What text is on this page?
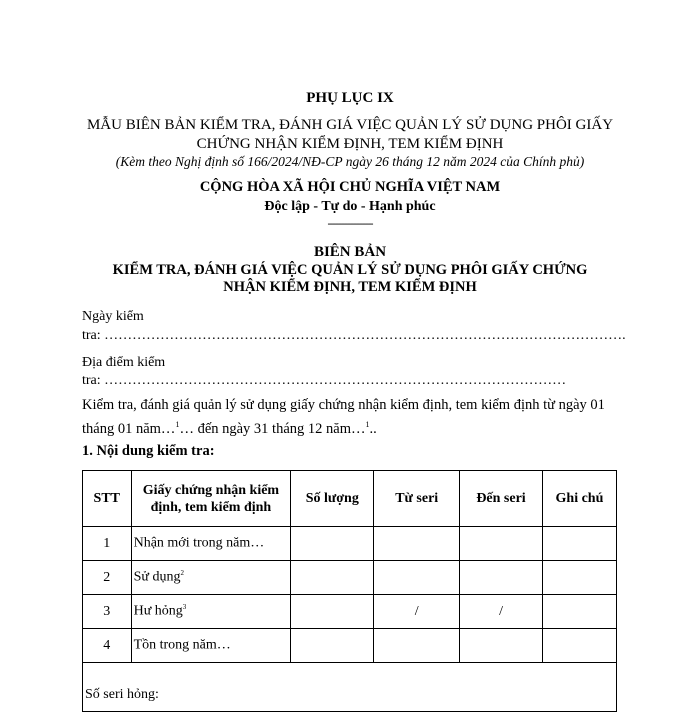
PHỤ LỤC IX
MẪU BIÊN BẢN KIỂM TRA, ĐÁNH GIÁ VIỆC QUẢN LÝ SỬ DỤNG PHÔI GIẤY
CHỨNG NHẬN KIỂM ĐỊNH, TEM KIỂM ĐỊNH
(Kèm theo Nghị định số 166/2024/NĐ-CP ngày 26 tháng 12 năm 2024 của Chính phủ)
CỘNG HÒA XÃ HỘI CHỦ NGHĨA VIỆT NAM
Độc lập - Tự do - Hạnh phúc
---------------
BIÊN BẢN
KIỂM TRA, ĐÁNH GIÁ VIỆC QUẢN LÝ SỬ DỤNG PHÔI GIẤY CHỨNG
NHẬN KIỂM ĐỊNH, TEM KIỂM ĐỊNH
Ngày kiểm
tra: ………………………………………………………………………………………………….
Địa điểm kiểm
tra: ………………………………………………………………………………………
Kiểm tra, đánh giá quản lý sử dụng giấy chứng nhận kiểm định, tem kiểm định từ ngày 01 tháng 01 năm…$^1$… đến ngày 31 tháng 12 năm…$^1$..
1. Nội dung kiểm tra:
STT	Giấy chứng nhận kiểm định, tem kiểm định	Số lượng	Từ seri	Đến seri	Ghi chú
1	Nhận mới trong năm…				
2	Sử dụng$^2$				
3	Hư hỏng$^3$		/	/	
4	Tồn trong năm…				
Số seri hỏng:					
